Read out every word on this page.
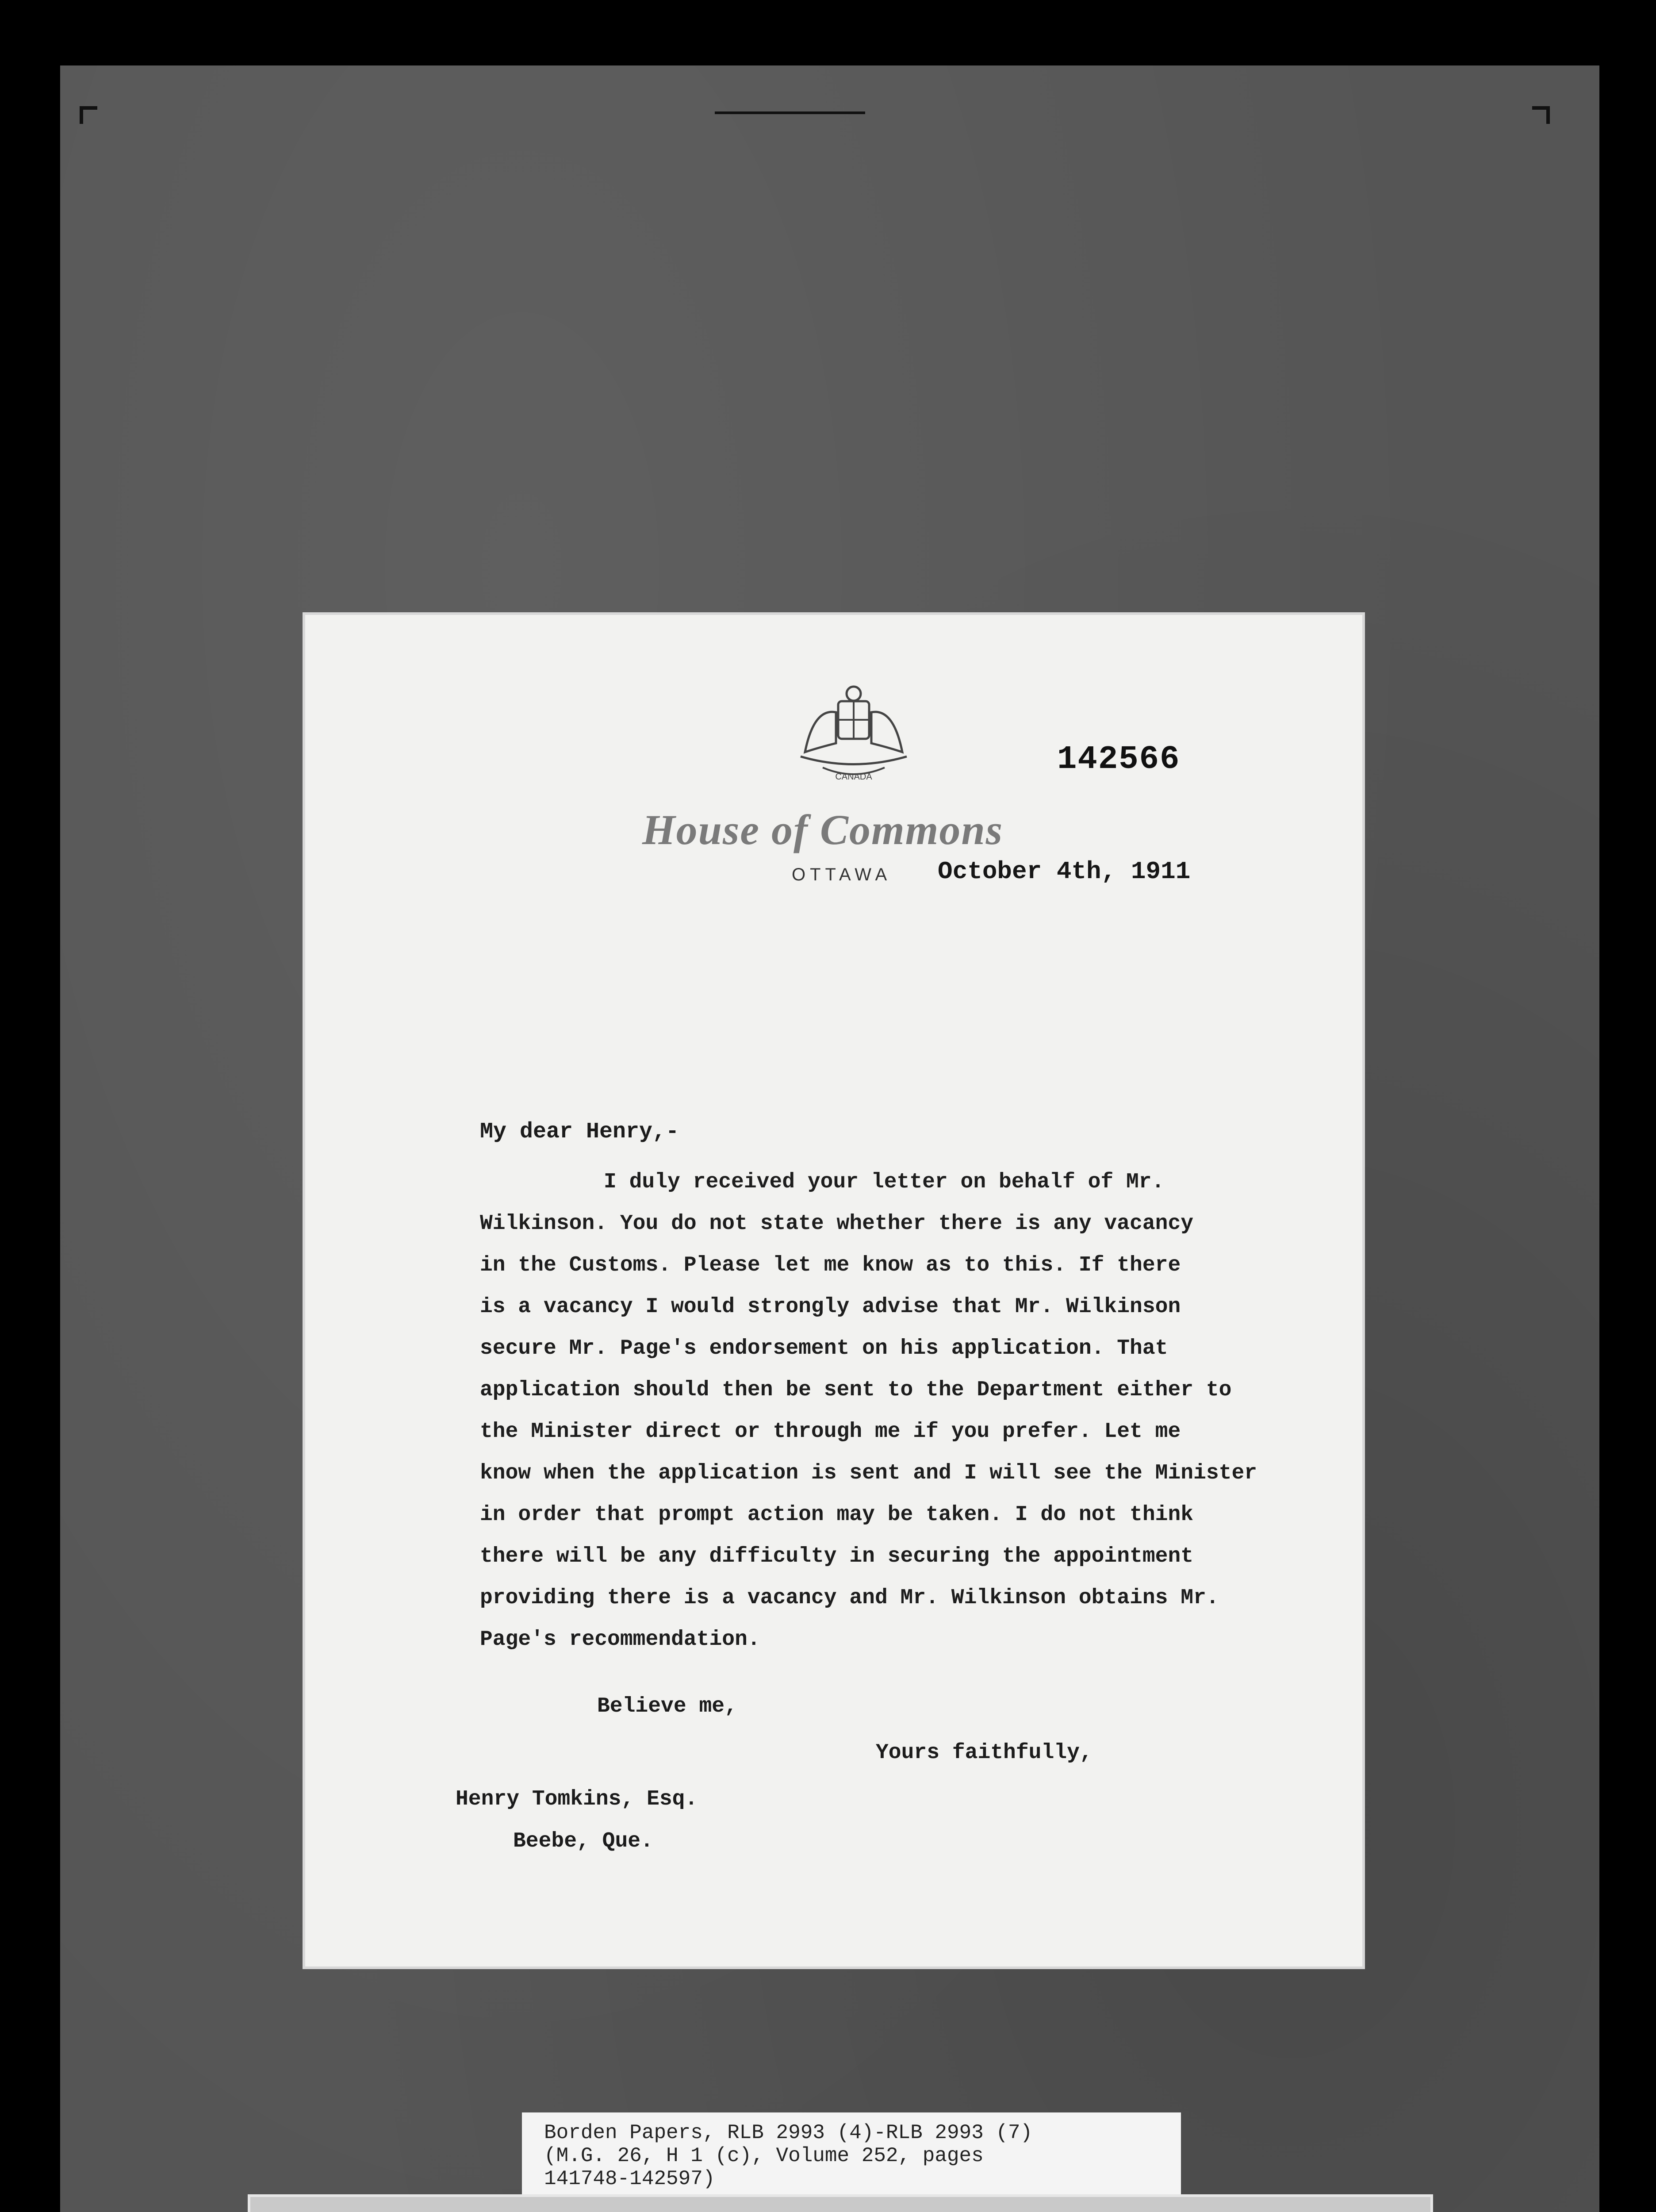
CANADA	142566
House of Commons
OTTAWA October 4th, 1911
My dear Henry,-
I duly received your letter on behalf of Mr.
Wilkinson. You do not state whether there is any vacancy
in the Customs. Please let me know as to this. If there
is a vacancy I would strongly advise that Mr. Wilkinson
secure Mr. Page's endorsement on his application. That
application should then be sent to the Department either to
the Minister direct or through me if you prefer. Let me
know when the application is sent and I will see the Minister
in order that prompt action may be taken. I do not think
there will be any difficulty in securing the appointment
providing there is a vacancy and Mr. Wilkinson obtains Mr.
Page's recommendation.
Believe me,
Yours faithfully,
Henry Tomkins, Esq.
Beebe, Que.
Borden Papers, RLB 2993 (4)-RLB 2993 (7)
(M.G. 26, H 1 (c), Volume 252, pages
141748-142597)
